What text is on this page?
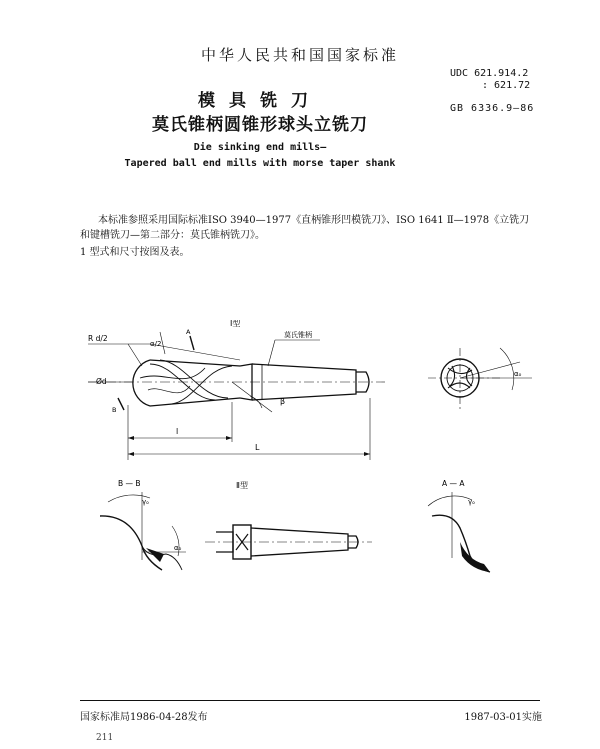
中华人民共和国国家标准
UDC 621.914.2
: 621.72
GB 6336.9—86
模具铣刀
莫氏锥柄圆锥形球头立铣刀
Die sinking end mills—
Tapered ball end mills with morse taper shank
本标准参照采用国际标准ISO 3940—1977《直柄锥形凹模铣刀》、ISO 1641 Ⅱ—1978《立铣刀
和键槽铣刀—第二部分：莫氏锥柄铣刀》。
1 型式和尺寸按图及表。
Ⅰ型
R d/2
α/2
Ød
莫氏锥柄
β
l
L
αₒ
B
A
B — B
γₒ
αₒ
Ⅱ型	A — A
γₒ
国家标准局1986-04-28发布	1987-03-01实施
211
